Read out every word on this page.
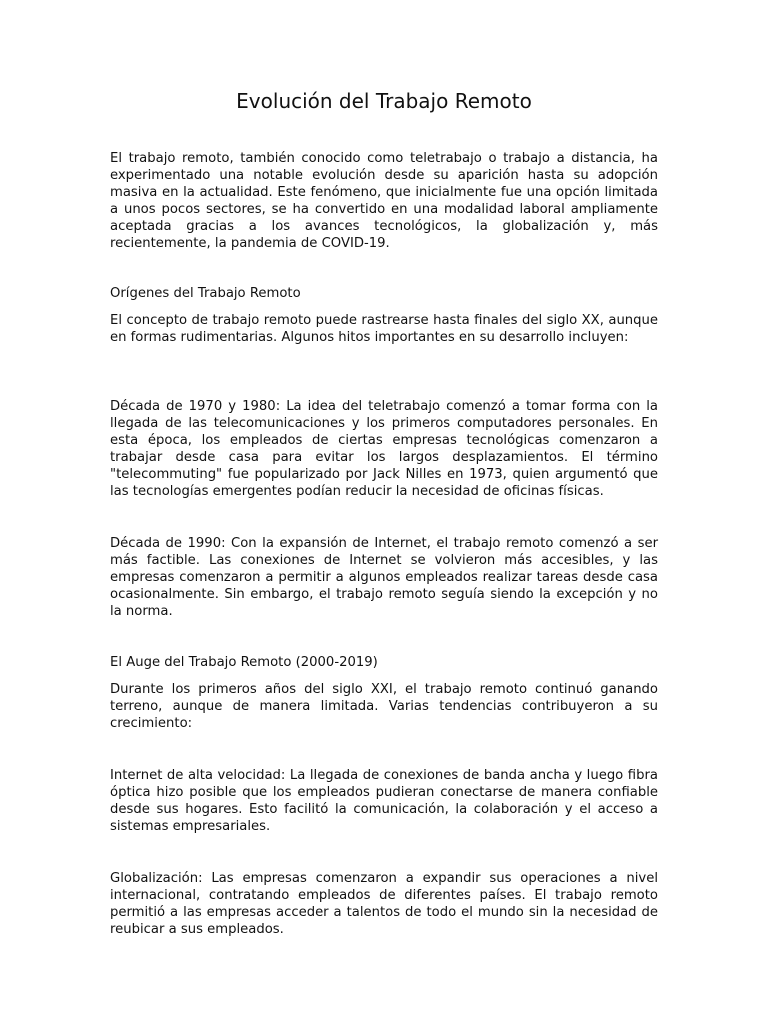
Evolución del Trabajo Remoto

El trabajo remoto, también conocido como teletrabajo o trabajo a distancia, ha experimentado una notable evolución desde su aparición hasta su adopción masiva en la actualidad. Este fenómeno, que inicialmente fue una opción limitada a unos pocos sectores, se ha convertido en una modalidad laboral ampliamente aceptada gracias a los avances tecnológicos, la globalización y, más recientemente, la pandemia de COVID-19.

Orígenes del Trabajo Remoto

El concepto de trabajo remoto puede rastrearse hasta finales del siglo XX, aunque en formas rudimentarias. Algunos hitos importantes en su desarrollo incluyen:

Década de 1970 y 1980: La idea del teletrabajo comenzó a tomar forma con la llegada de las telecomunicaciones y los primeros computadores personales. En esta época, los empleados de ciertas empresas tecnológicas comenzaron a trabajar desde casa para evitar los largos desplazamientos. El término "telecommuting" fue popularizado por Jack Nilles en 1973, quien argumentó que las tecnologías emergentes podían reducir la necesidad de oficinas físicas.

Década de 1990: Con la expansión de Internet, el trabajo remoto comenzó a ser más factible. Las conexiones de Internet se volvieron más accesibles, y las empresas comenzaron a permitir a algunos empleados realizar tareas desde casa ocasionalmente. Sin embargo, el trabajo remoto seguía siendo la excepción y no la norma.

El Auge del Trabajo Remoto (2000-2019)

Durante los primeros años del siglo XXI, el trabajo remoto continuó ganando terreno, aunque de manera limitada. Varias tendencias contribuyeron a su crecimiento:

Internet de alta velocidad: La llegada de conexiones de banda ancha y luego fibra óptica hizo posible que los empleados pudieran conectarse de manera confiable desde sus hogares. Esto facilitó la comunicación, la colaboración y el acceso a sistemas empresariales.

Globalización: Las empresas comenzaron a expandir sus operaciones a nivel internacional, contratando empleados de diferentes países. El trabajo remoto permitió a las empresas acceder a talentos de todo el mundo sin la necesidad de reubicar a sus empleados.
